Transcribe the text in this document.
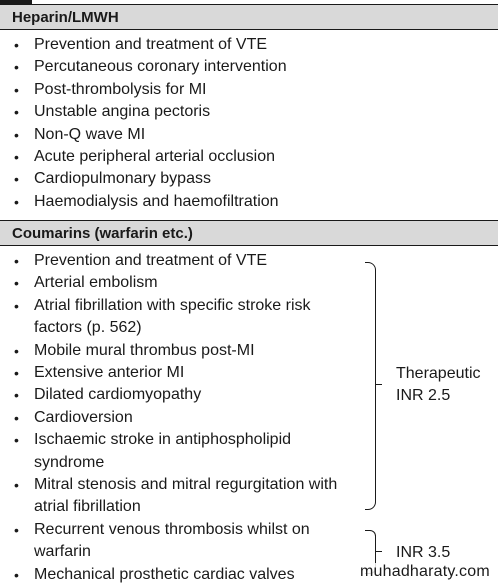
Heparin/LMWH
• Prevention and treatment of VTE
• Percutaneous coronary intervention
• Post-thrombolysis for MI
• Unstable angina pectoris
• Non-Q wave MI
• Acute peripheral arterial occlusion
• Cardiopulmonary bypass
• Haemodialysis and haemofiltration
Coumarins (warfarin etc.)
• Prevention and treatment of VTE
• Arterial embolism
• Atrial fibrillation with specific stroke risk factors (p. 562)
• Mobile mural thrombus post-MI
• Extensive anterior MI
• Dilated cardiomyopathy
• Cardioversion
• Ischaemic stroke in antiphospholipid syndrome
• Mitral stenosis and mitral regurgitation with atrial fibrillation
• Recurrent venous thrombosis whilst on warfarin
• Mechanical prosthetic cardiac valves
Therapeutic
INR 2.5
INR 3.5
muhadharaty.com
